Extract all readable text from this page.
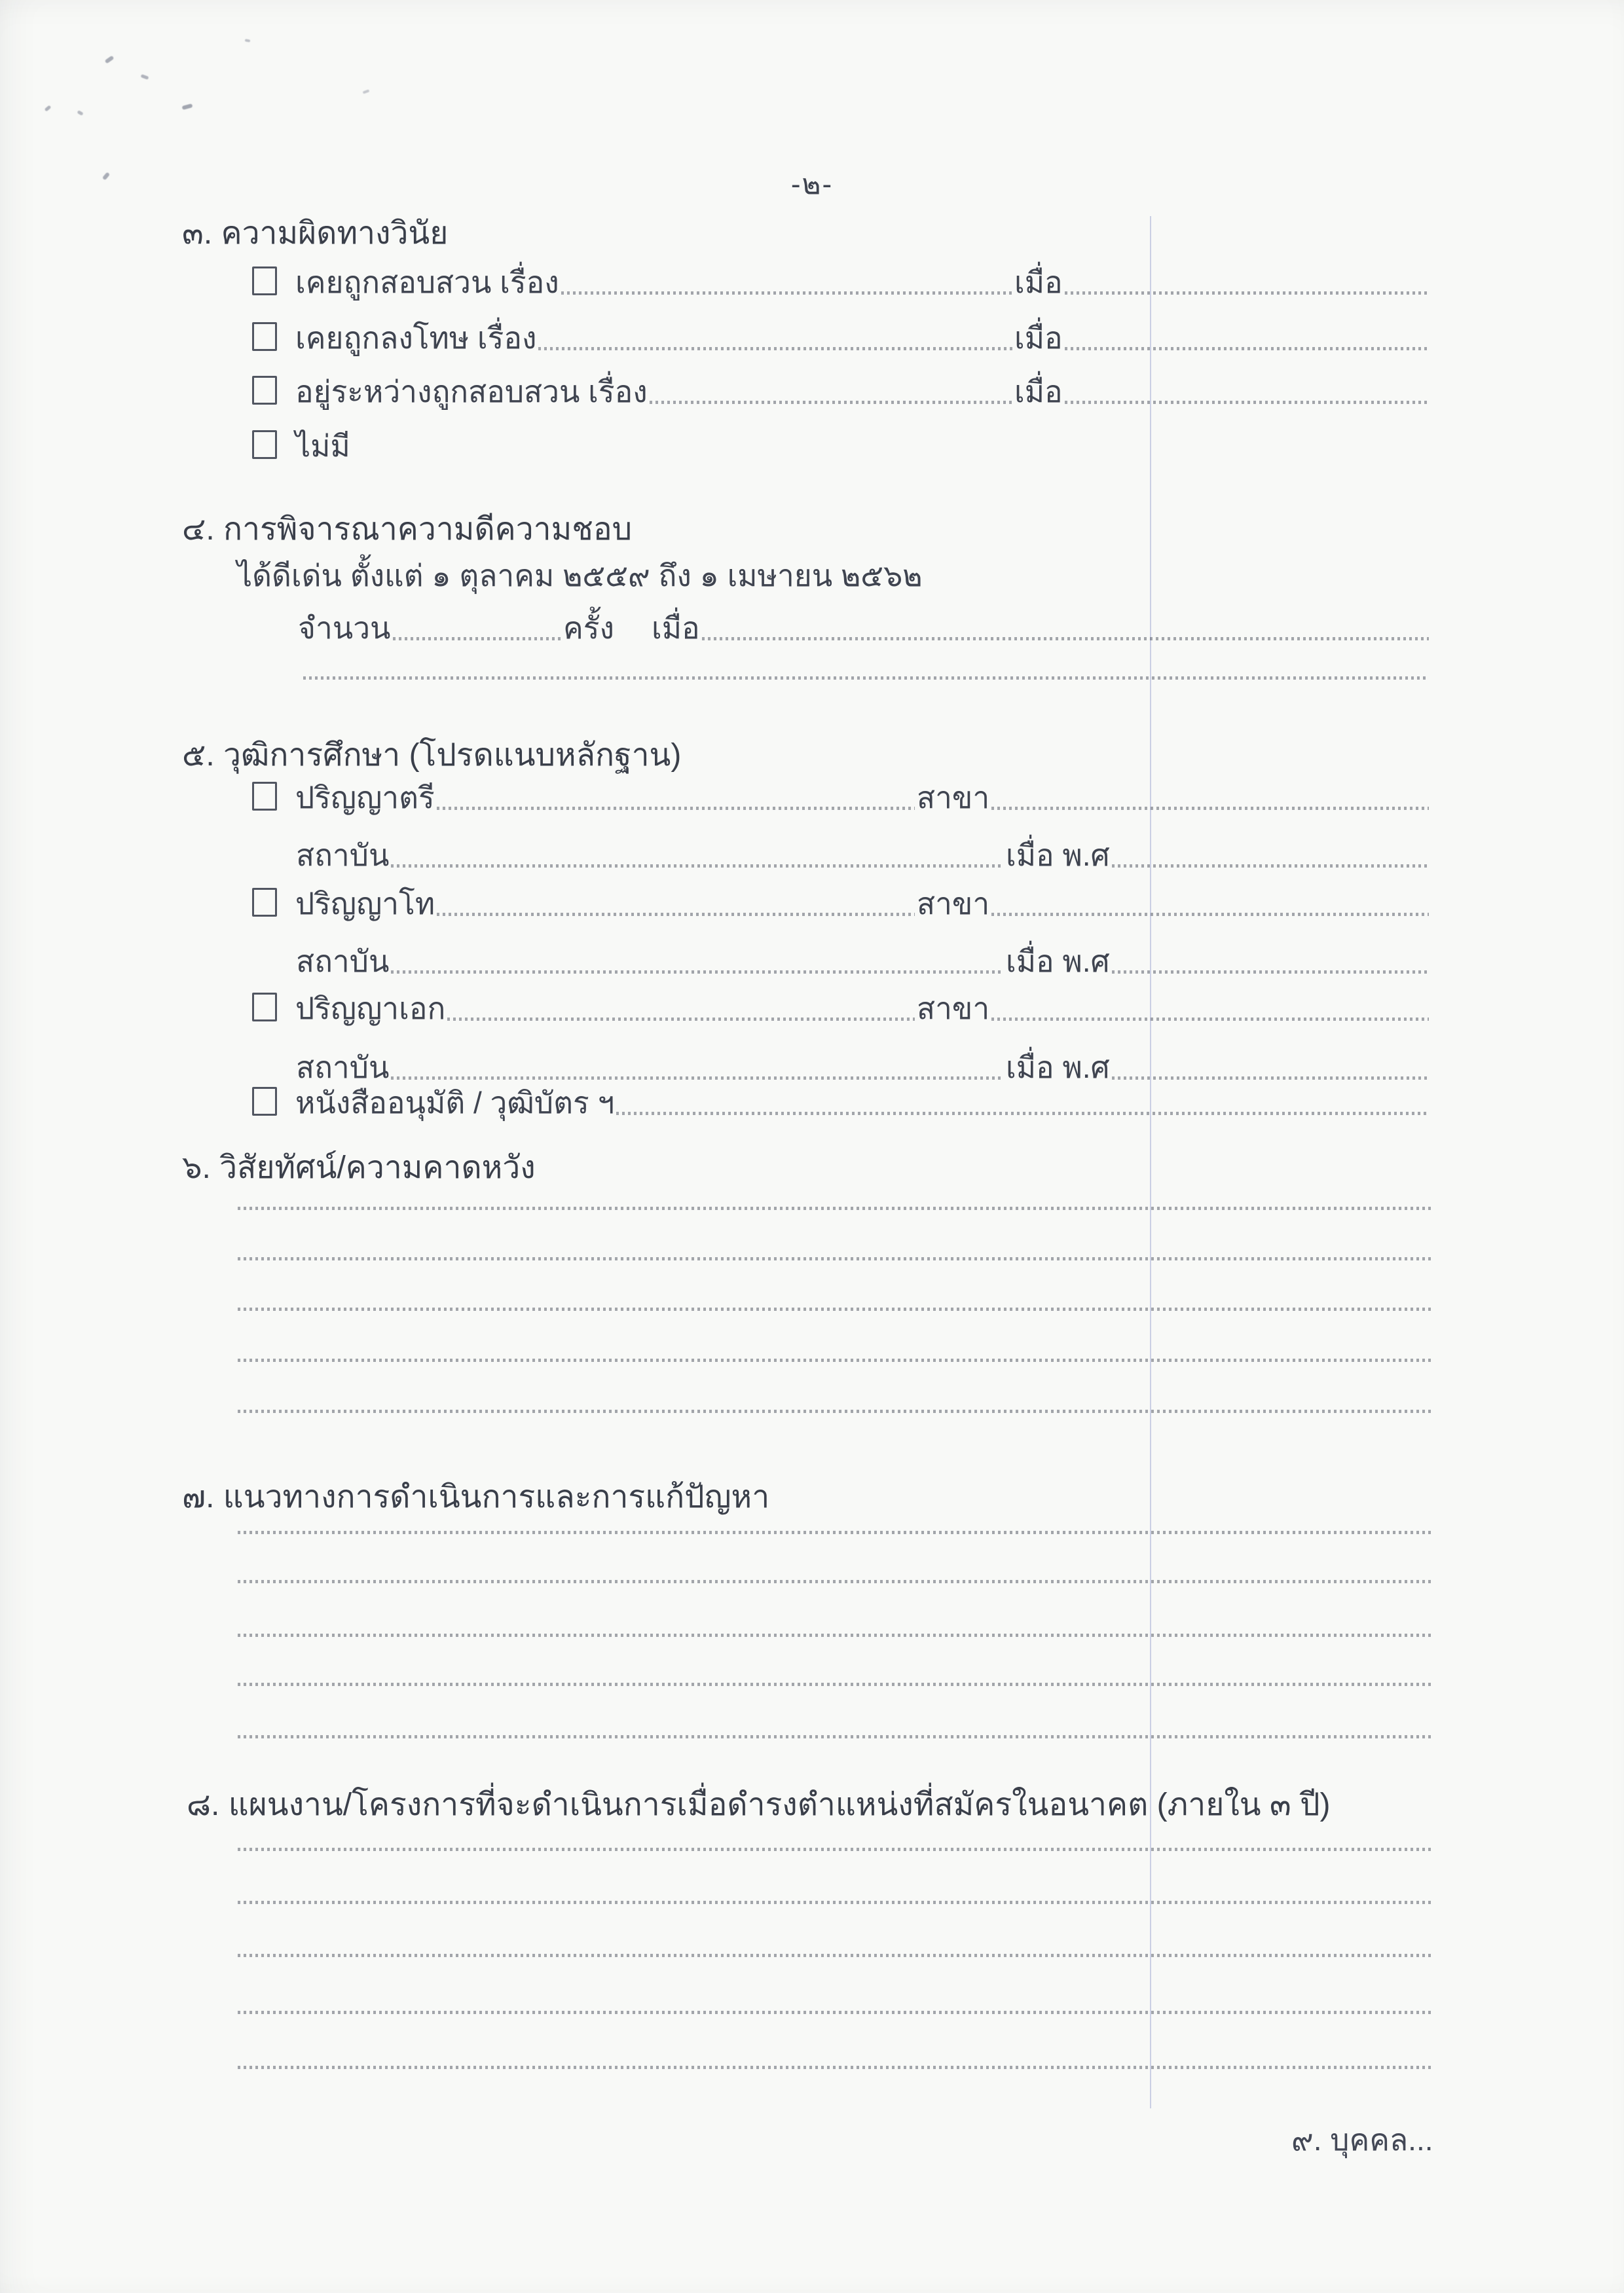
-๒-
๓. ความผิดทางวินัย
เคยถูกสอบสวน เรื่อง	เมื่อ
เคยถูกลงโทษ เรื่อง	เมื่อ
อยู่ระหว่างถูกสอบสวน เรื่อง	เมื่อ
ไม่มี
๔. การพิจารณาความดีความชอบ
ได้ดีเด่น ตั้งแต่ ๑ ตุลาคม ๒๕๕๙ ถึง ๑ เมษายน ๒๕๖๒
จำนวน	ครั้ง เมื่อ
๕. วุฒิการศึกษา (โปรดแนบหลักฐาน)
ปริญญาตรี	สาขา
สถาบัน	เมื่อ พ.ศ
ปริญญาโท	สาขา
สถาบัน	เมื่อ พ.ศ
ปริญญาเอก	สาขา
สถาบัน	เมื่อ พ.ศ
หนังสืออนุมัติ / วุฒิบัตร ฯ
๖. วิสัยทัศน์/ความคาดหวัง
๗. แนวทางการดำเนินการและการแก้ปัญหา
๘. แผนงาน/โครงการที่จะดำเนินการเมื่อดำรงตำแหน่งที่สมัครในอนาคต (ภายใน ๓ ปี)
๙. บุคคล...
